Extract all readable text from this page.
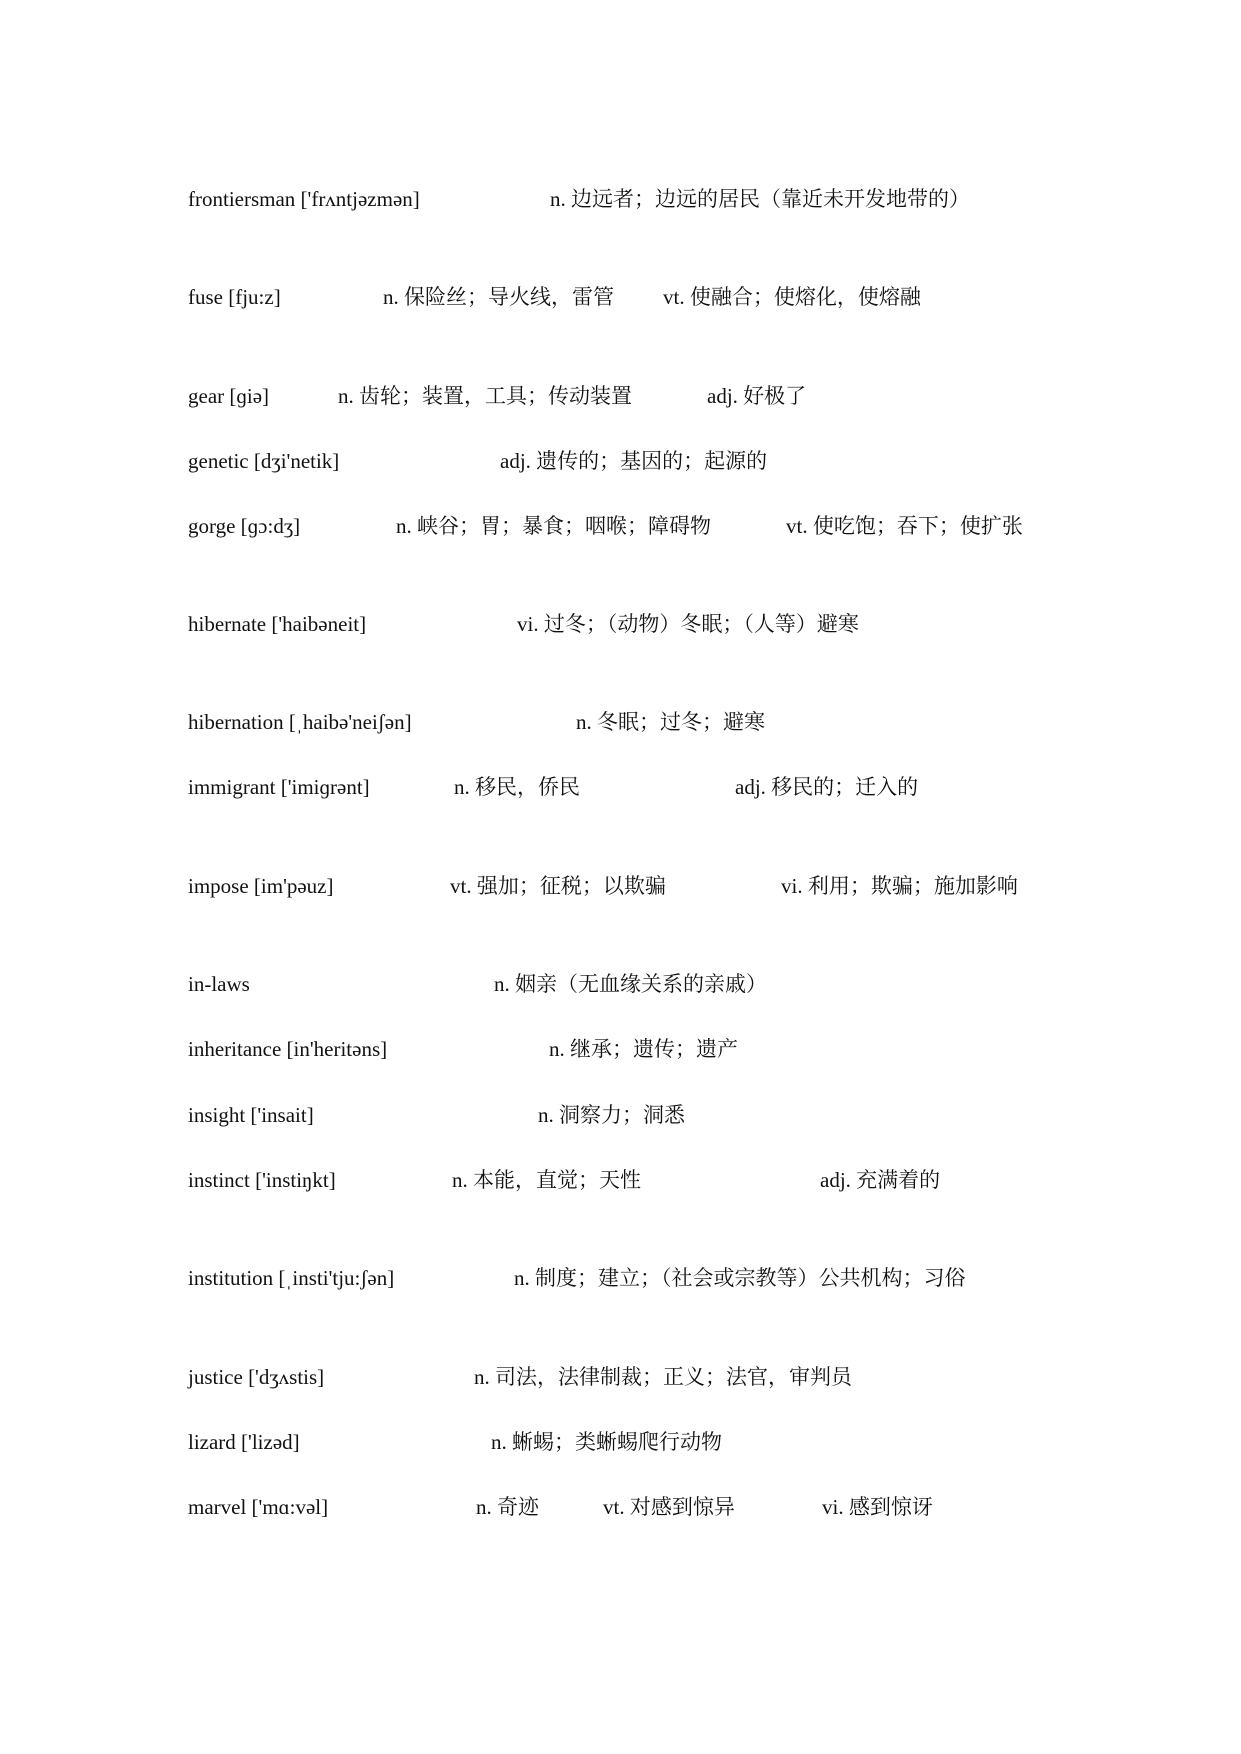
frontiersman ['frʌntjəzmən]	n. 边远者；边远的居民（靠近未开发地带的）
fuse [fju:z]	n. 保险丝；导火线，雷管 vt. 使融合；使熔化，使熔融
gear [ɡiə]	n. 齿轮；装置，工具；传动装置	adj. 好极了
genetic [dʒi'netik]	adj. 遗传的；基因的；起源的
gorge [ɡɔ:dʒ]	n. 峡谷；胃；暴食；咽喉；障碍物	vt. 使吃饱；吞下；使扩张
hibernate ['haibəneit]	vi. 过冬；（动物）冬眠；（人等）避寒
hibernation [ˌhaibə'neiʃən]	n. 冬眠；过冬；避寒
immigrant ['imiɡrənt]	n. 移民，侨民	adj. 移民的；迁入的
impose [im'pəuz]	vt. 强加；征税；以欺骗	vi. 利用；欺骗；施加影响
in-laws	n. 姻亲（无血缘关系的亲戚）
inheritance [in'heritəns]	n. 继承；遗传；遗产
insight ['insait]	n. 洞察力；洞悉
instinct ['instiŋkt]	n. 本能，直觉；天性	adj. 充满着的
institution [ˌinsti'tju:ʃən]	n. 制度；建立；（社会或宗教等）公共机构；习俗
justice ['dʒʌstis]	n. 司法，法律制裁；正义；法官，审判员
lizard ['lizəd]	n. 蜥蜴；类蜥蜴爬行动物
marvel ['mɑ:vəl]	n. 奇迹	vt. 对感到惊异	vi. 感到惊讶
